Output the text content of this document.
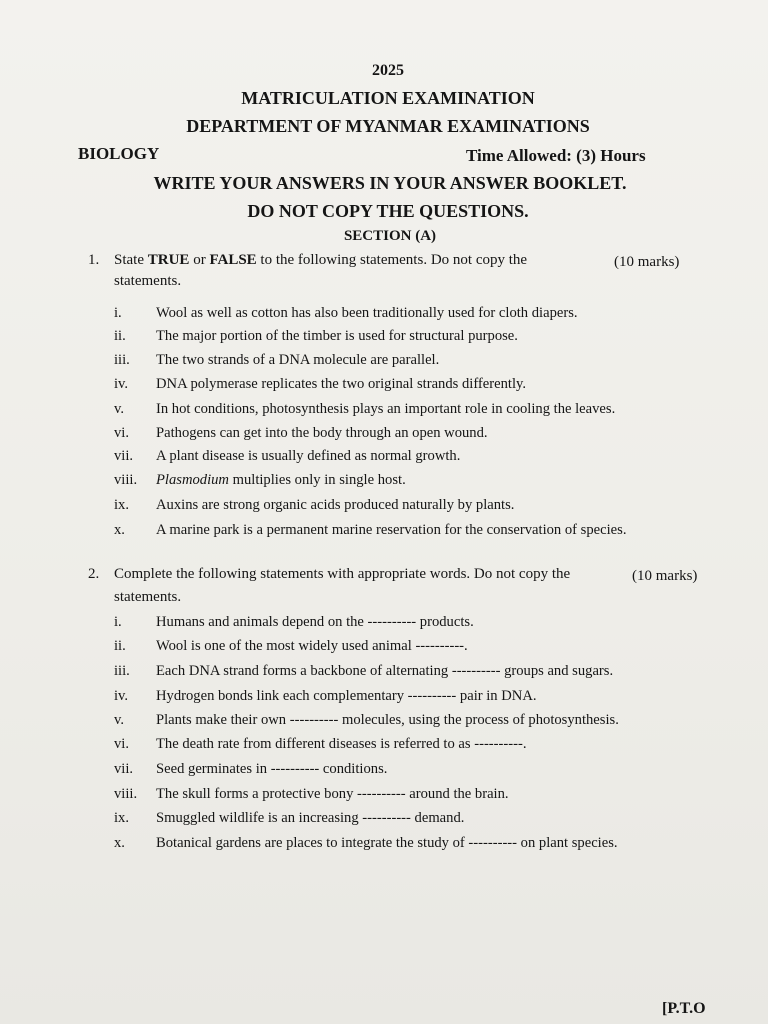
2025
MATRICULATION EXAMINATION
DEPARTMENT OF MYANMAR EXAMINATIONS
BIOLOGY	Time Allowed: (3) Hours
WRITE YOUR ANSWERS IN YOUR ANSWER BOOKLET.
DO NOT COPY THE QUESTIONS.
SECTION (A)
1. State TRUE or FALSE to the following statements. Do not copy the	(10 marks)
statements.
i. Wool as well as cotton has also been traditionally used for cloth diapers.
ii. The major portion of the timber is used for structural purpose.
iii. The two strands of a DNA molecule are parallel.
iv. DNA polymerase replicates the two original strands differently.
v. In hot conditions, photosynthesis plays an important role in cooling the leaves.
vi. Pathogens can get into the body through an open wound.
vii. A plant disease is usually defined as normal growth.
viii. Plasmodium multiplies only in single host.
ix. Auxins are strong organic acids produced naturally by plants.
x. A marine park is a permanent marine reservation for the conservation of species.
2. Complete the following statements with appropriate words. Do not copy the	(10 marks)
statements.
i. Humans and animals depend on the ---------- products.
ii. Wool is one of the most widely used animal ----------.
iii. Each DNA strand forms a backbone of alternating ---------- groups and sugars.
iv. Hydrogen bonds link each complementary ---------- pair in DNA.
v. Plants make their own ---------- molecules, using the process of photosynthesis.
vi. The death rate from different diseases is referred to as ----------.
vii. Seed germinates in ---------- conditions.
viii. The skull forms a protective bony ---------- around the brain.
ix. Smuggled wildlife is an increasing ---------- demand.
x. Botanical gardens are places to integrate the study of ---------- on plant species.
[P.T.O
